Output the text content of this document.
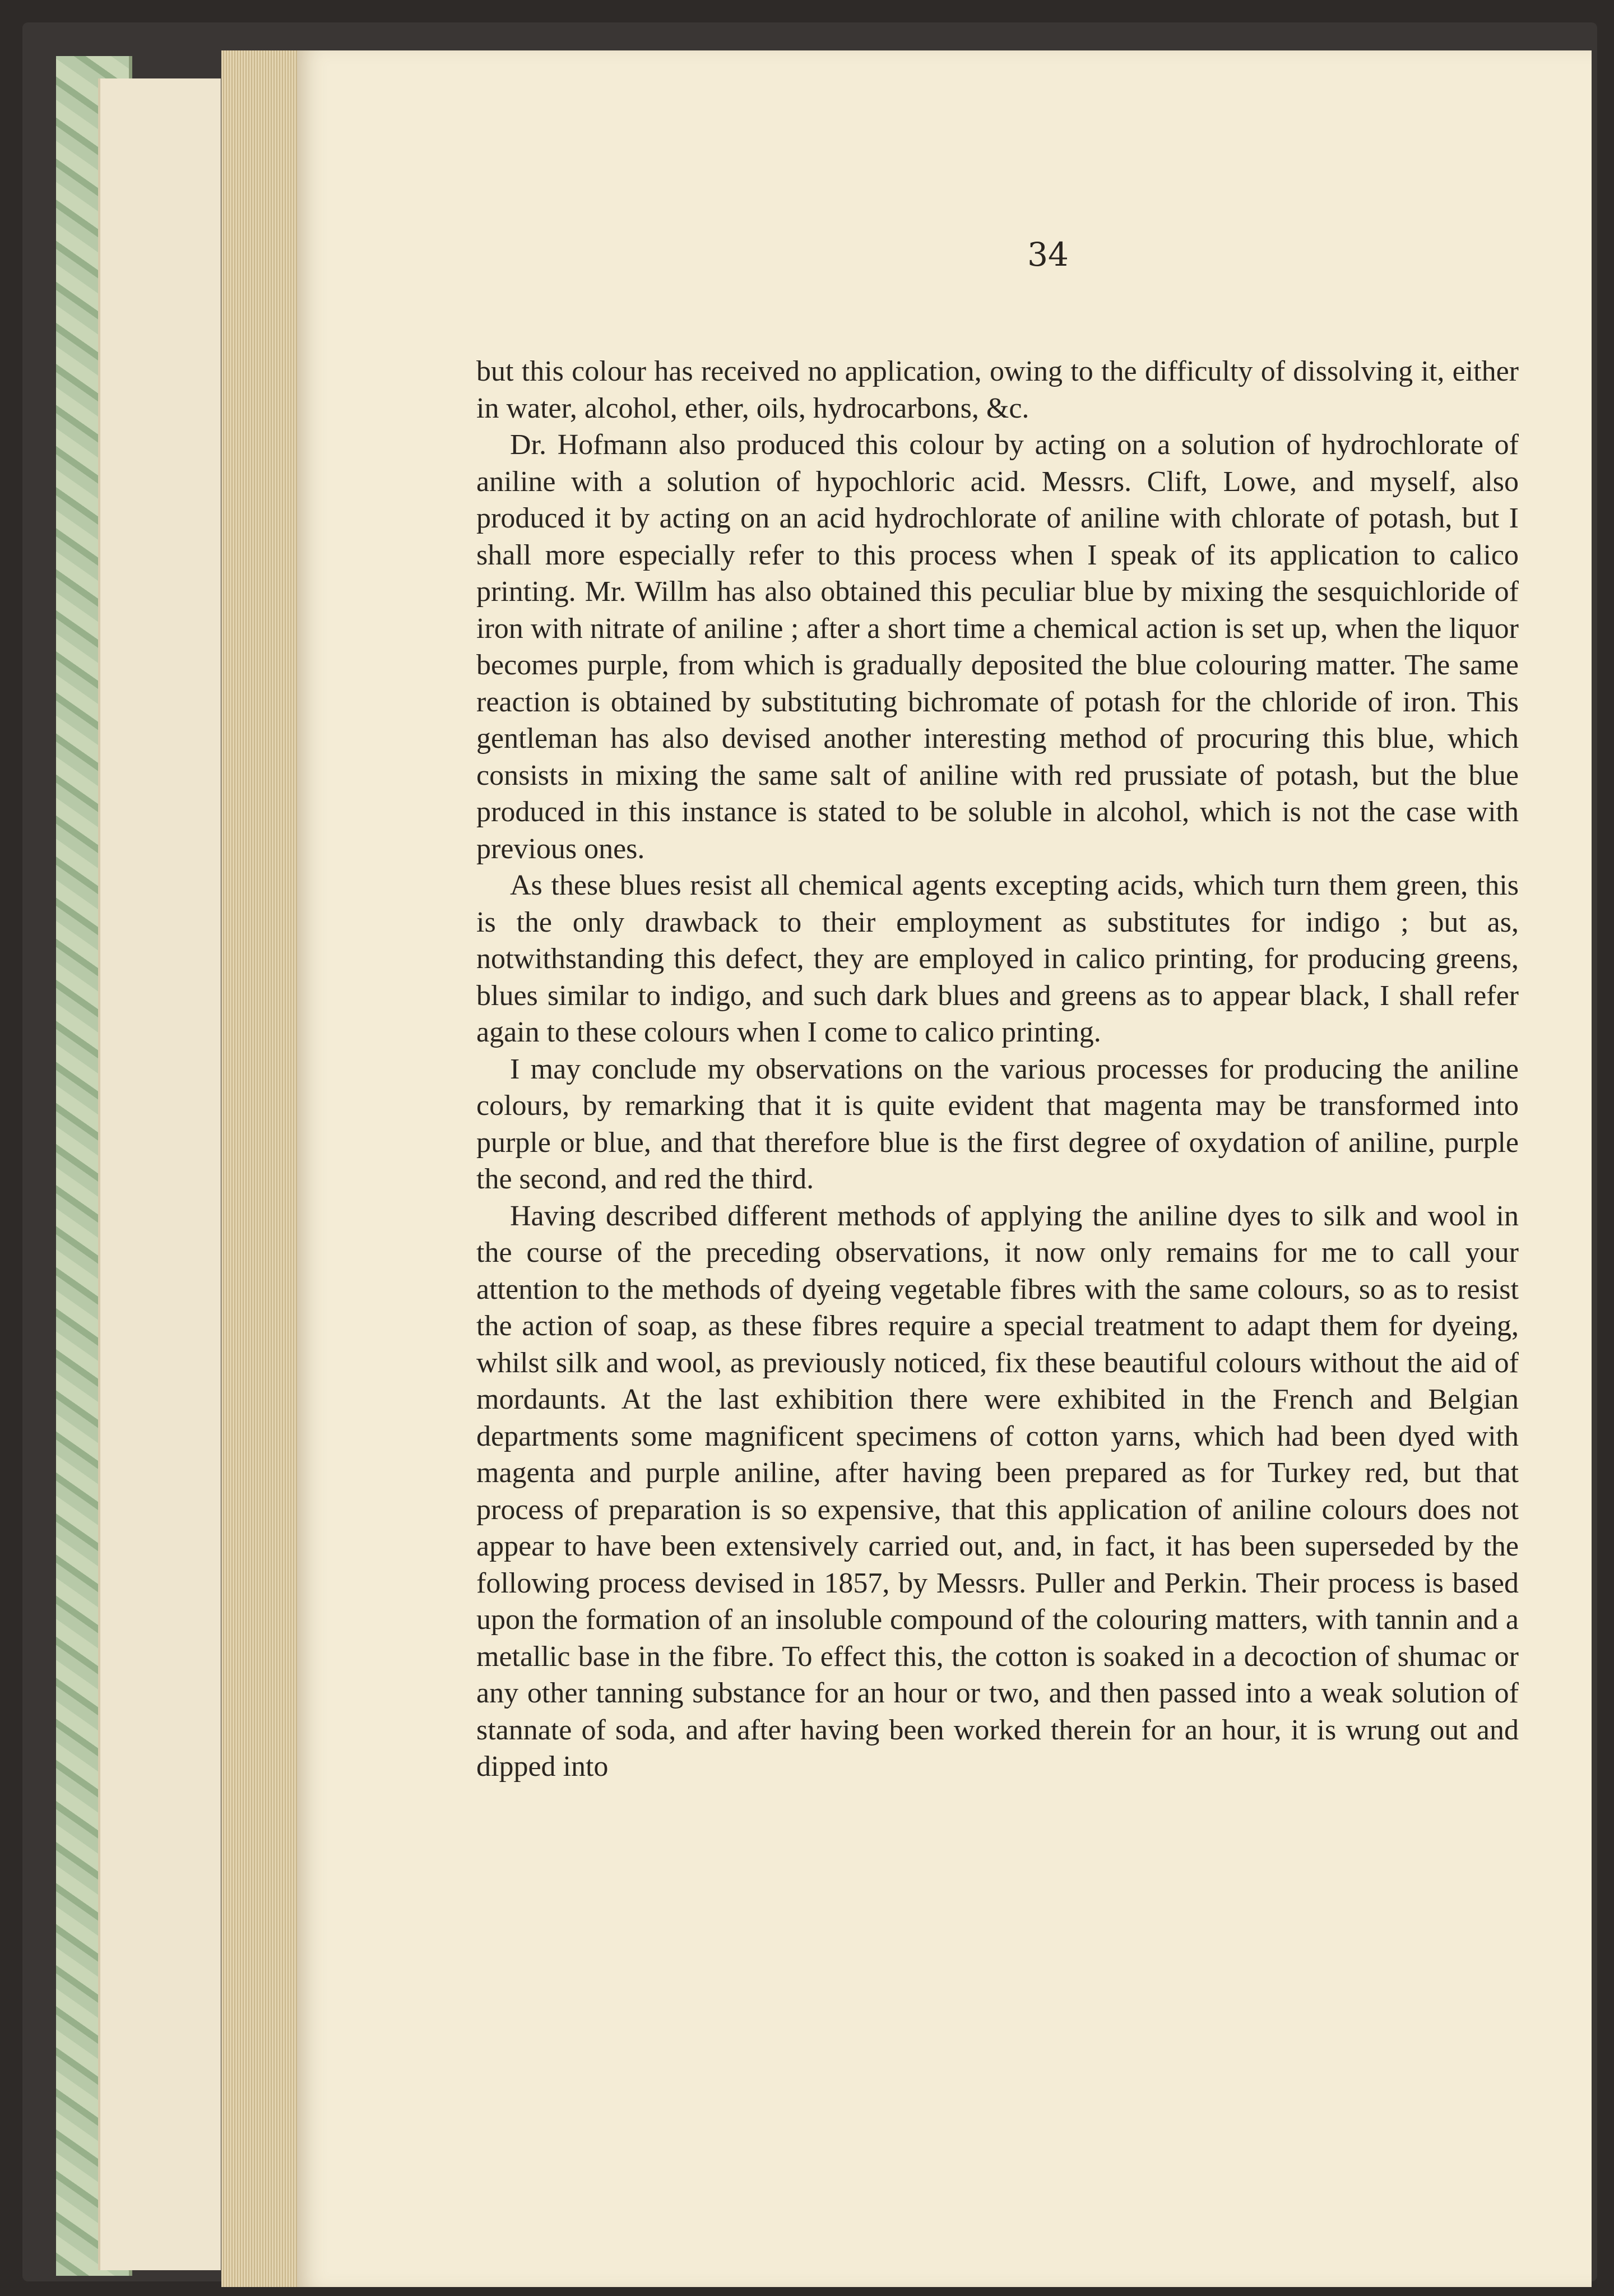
34

but this colour has received no application, owing to the difficulty of dissolving it, either in water, alcohol, ether, oils, hydrocarbons, &c.

Dr. Hofmann also produced this colour by acting on a solution of hydrochlorate of aniline with a solution of hypochloric acid. Messrs. Clift, Lowe, and myself, also produced it by acting on an acid hydrochlorate of aniline with chlorate of potash, but I shall more especially refer to this process when I speak of its application to calico printing. Mr. Willm has also obtained this peculiar blue by mixing the sesquichloride of iron with nitrate of aniline ; after a short time a chemical action is set up, when the liquor becomes purple, from which is gradually deposited the blue colouring matter. The same reaction is obtained by substituting bichromate of potash for the chloride of iron. This gentleman has also devised another interesting method of procuring this blue, which consists in mixing the same salt of aniline with red prussiate of potash, but the blue produced in this instance is stated to be soluble in alcohol, which is not the case with previous ones.

As these blues resist all chemical agents excepting acids, which turn them green, this is the only drawback to their employment as substitutes for indigo ; but as, notwithstanding this defect, they are employed in calico printing, for producing greens, blues similar to indigo, and such dark blues and greens as to appear black, I shall refer again to these colours when I come to calico printing.

I may conclude my observations on the various processes for producing the aniline colours, by remarking that it is quite evident that magenta may be transformed into purple or blue, and that therefore blue is the first degree of oxydation of aniline, purple the second, and red the third.

Having described different methods of applying the aniline dyes to silk and wool in the course of the preceding observations, it now only remains for me to call your attention to the methods of dyeing vegetable fibres with the same colours, so as to resist the action of soap, as these fibres require a special treatment to adapt them for dyeing, whilst silk and wool, as previously noticed, fix these beautiful colours without the aid of mordaunts. At the last exhibition there were exhibited in the French and Belgian departments some magnificent specimens of cotton yarns, which had been dyed with magenta and purple aniline, after having been prepared as for Turkey red, but that process of preparation is so expensive, that this application of aniline colours does not appear to have been extensively carried out, and, in fact, it has been superseded by the following process devised in 1857, by Messrs. Puller and Perkin. Their process is based upon the formation of an insoluble compound of the colouring matters, with tannin and a metallic base in the fibre. To effect this, the cotton is soaked in a decoction of shumac or any other tanning substance for an hour or two, and then passed into a weak solution of stannate of soda, and after having been worked therein for an hour, it is wrung out and dipped into
